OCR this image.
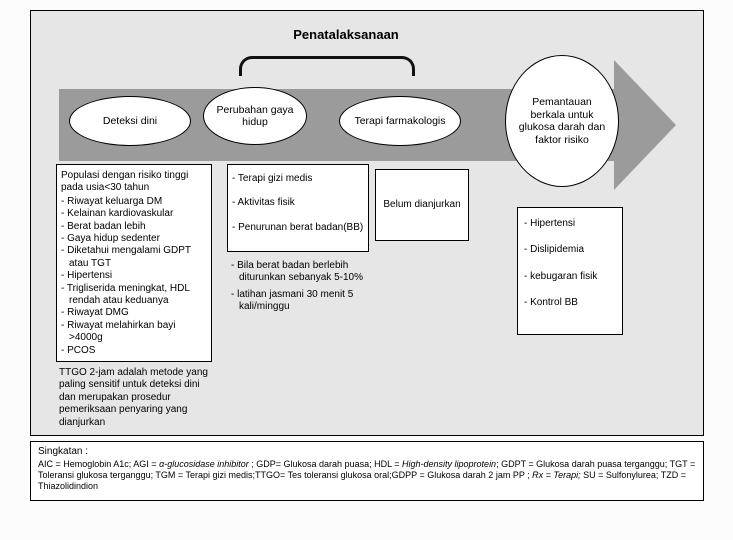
Penatalaksanaan
Deteksi dini
Perubahan gaya hidup	Terapi farmakologis
Pemantauan berkala untuk glukosa darah dan faktor risiko
Populasi dengan risiko tinggi pada usia<30 tahun
- Riwayat keluarga DM
- Kelainan kardiovaskular
- Berat badan lebih
- Gaya hidup sedenter
- Diketahui mengalami GDPT atau TGT
- Hipertensi
- Trigliserida meningkat, HDL rendah atau keduanya
- Riwayat DMG
- Riwayat melahirkan bayi >4000g
- PCOS
- Terapi gizi medis
- Aktivitas fisik
- Penurunan berat badan(BB)
Belum dianjurkan
- Hipertensi
- Dislipidemia
- kebugaran fisik
- Kontrol BB
- Bila berat badan berlebih diturunkan sebanyak 5-10%
- latihan jasmani 30 menit 5 kali/minggu
TTGO 2-jam adalah metode yang paling sensitif untuk deteksi dini dan merupakan prosedur pemeriksaan penyaring yang dianjurkan
Singkatan :
AIC = Hemoglobin A1c; AGI = α-glucosidase inhibitor ; GDP= Glukosa darah puasa; HDL = High-density lipoprotein; GDPT = Glukosa darah puasa terganggu; TGT = Toleransi glukosa terganggu; TGM = Terapi gizi medis;TTGO= Tes toleransi glukosa oral;GDPP = Glukosa darah 2 jam PP ; Rx = Terapi; SU = Sulfonylurea; TZD = Thiazolidindion
